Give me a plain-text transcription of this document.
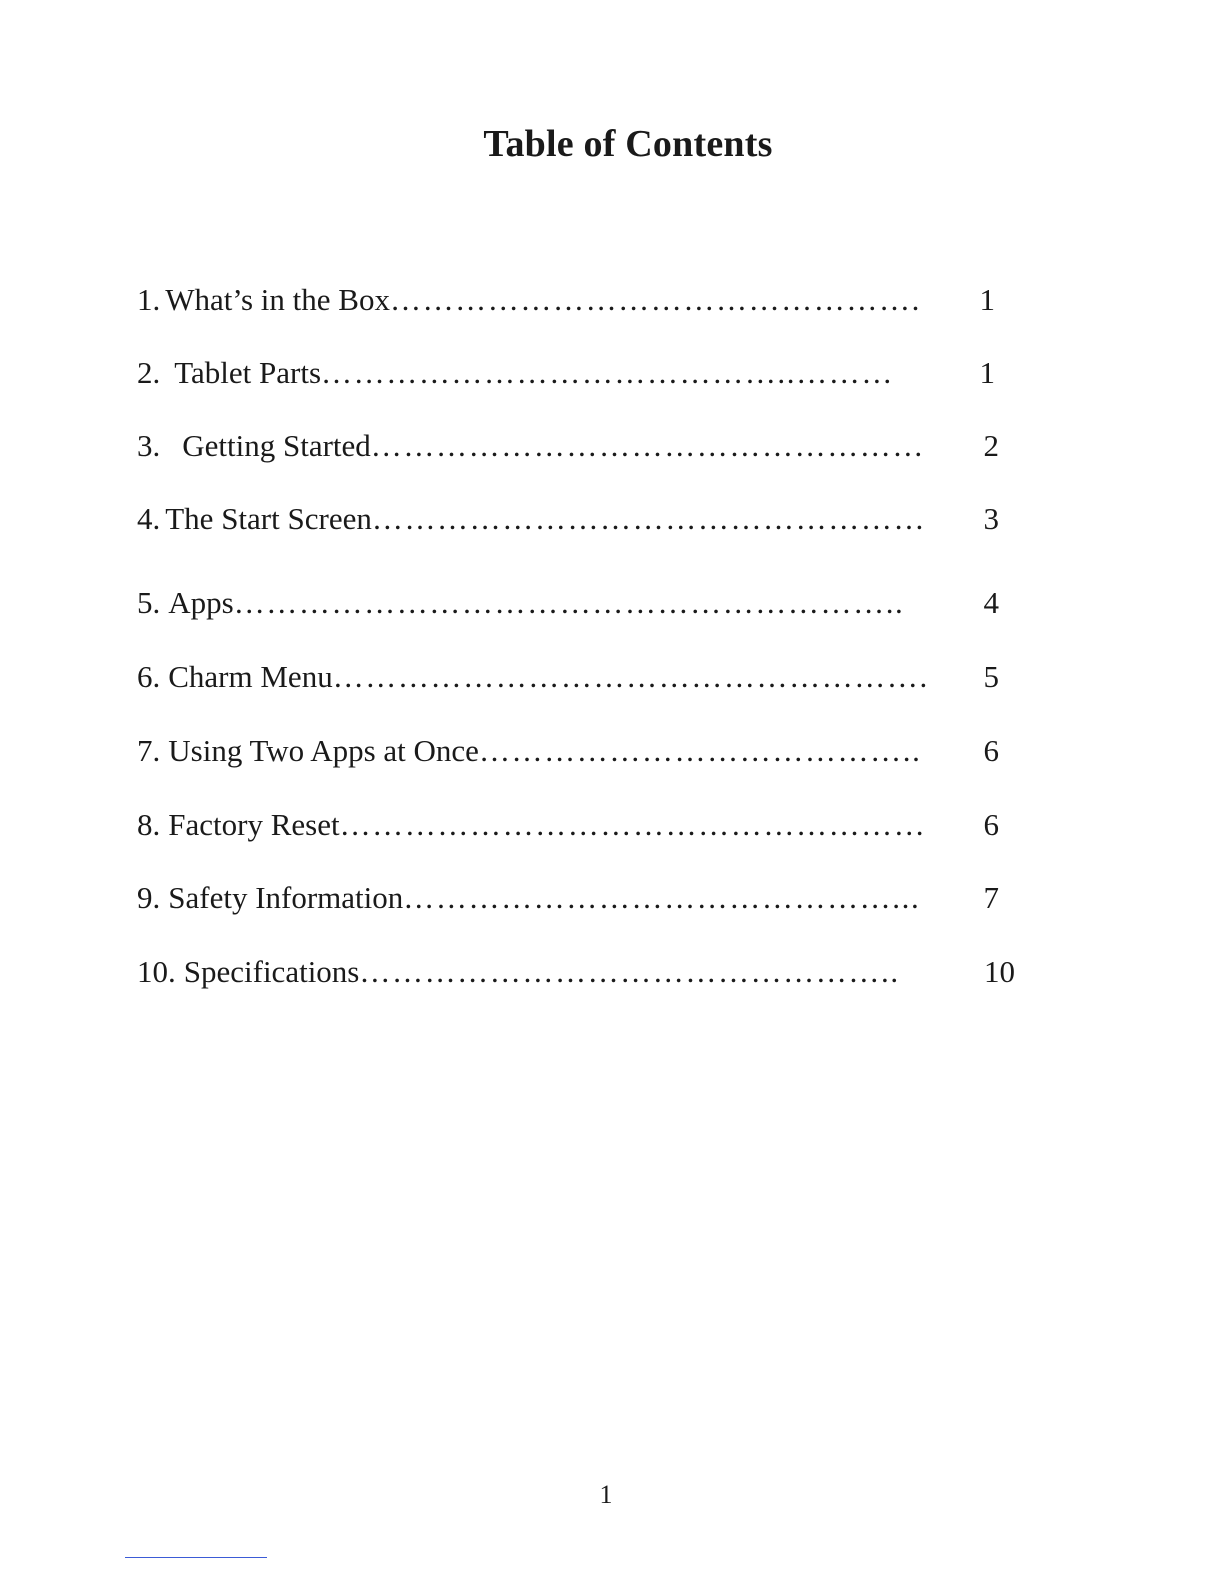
Table of Contents
1. What’s in the Box ………………………………………….	1
2. Tablet Parts ……………………………………..………	1
3. Getting Started ……………………………………………	2
4. The Start Screen ……………………………………………	3
5. Apps ……………………………………………………..	4
6. Charm Menu ……………………………………………….	5
7. Using Two Apps at Once …………………………………..	6
8. Factory Reset ………………………………………………	6
9. Safety Information ………………………………………...	7
10. Specifications …………………………………………..	10
1
